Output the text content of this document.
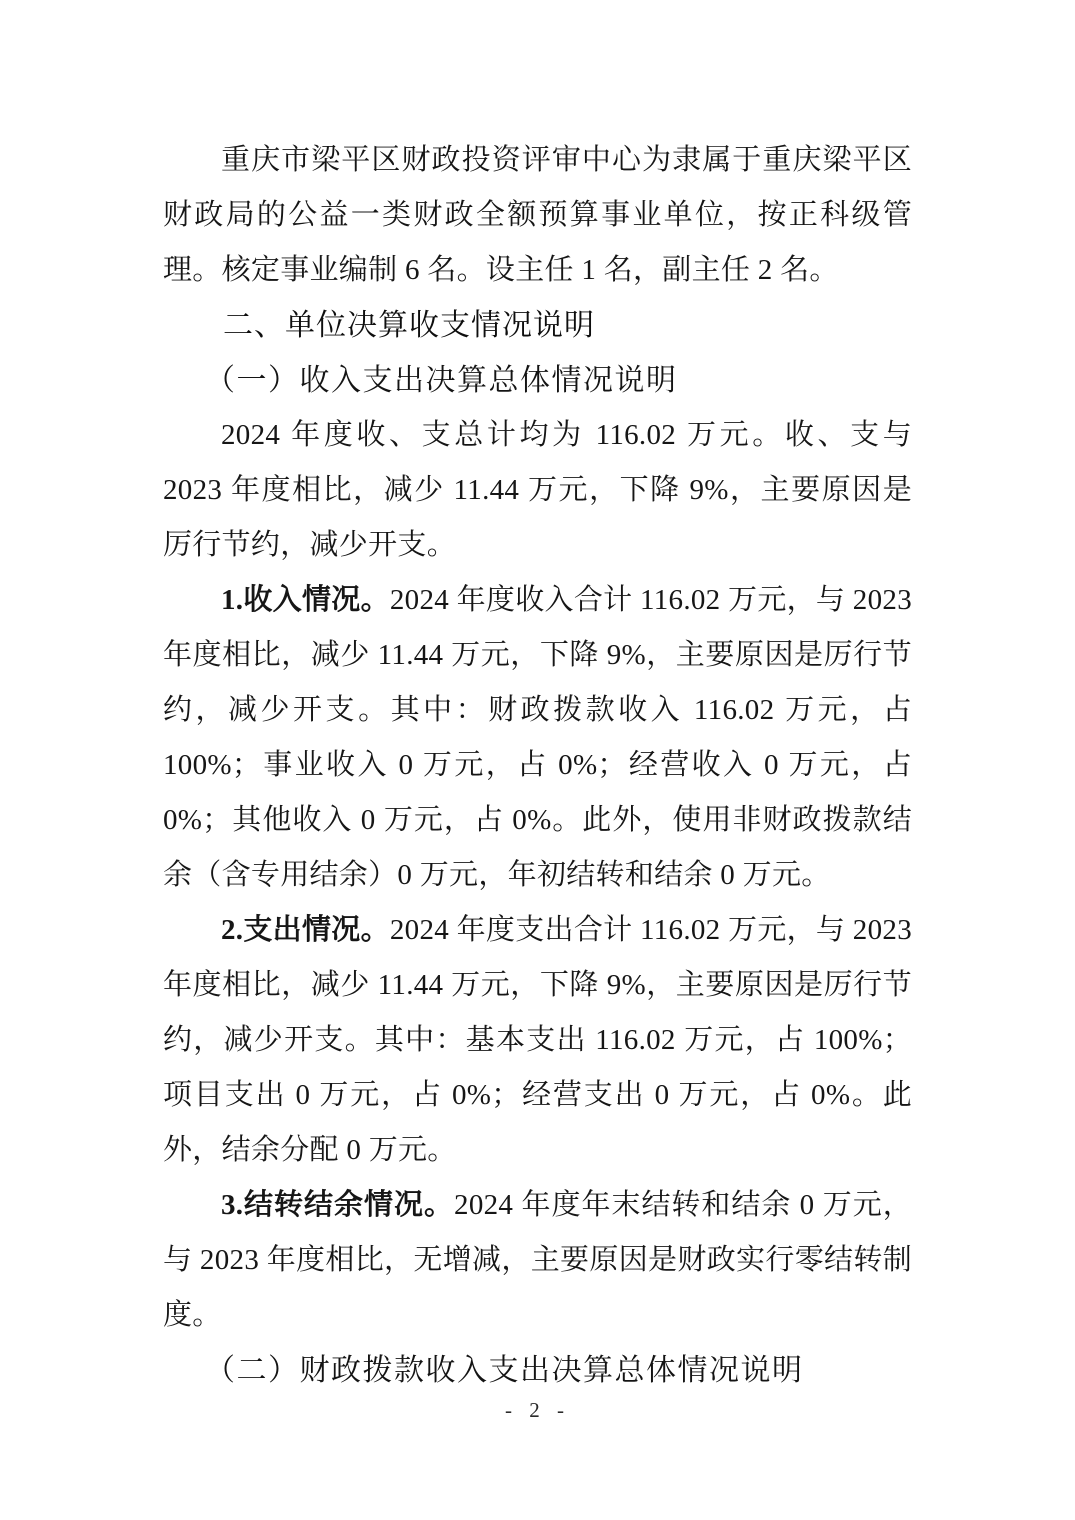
重庆市梁平区财政投资评审中心为隶属于重庆梁平区财政局的公益一类财政全额预算事业单位，按正科级管理。核定事业编制 6 名。设主任 1 名，副主任 2 名。

二、单位决算收支情况说明
（一）收入支出决算总体情况说明

2024 年度收、支总计均为 116.02 万元。收、支与 2023 年度相比，减少 11.44 万元，下降 9%，主要原因是厉行节约，减少开支。

1.收入情况。2024 年度收入合计 116.02 万元，与 2023 年度相比，减少 11.44 万元，下降 9%，主要原因是厉行节约，减少开支。其中：财政拨款收入 116.02 万元，占 100%；事业收入 0 万元，占 0%；经营收入 0 万元，占 0%；其他收入 0 万元，占 0%。此外，使用非财政拨款结余（含专用结余）0 万元，年初结转和结余 0 万元。

2.支出情况。2024 年度支出合计 116.02 万元，与 2023 年度相比，减少 11.44 万元，下降 9%，主要原因是厉行节约，减少开支。其中：基本支出 116.02 万元，占 100%；项目支出 0 万元，占 0%；经营支出 0 万元，占 0%。此外，结余分配 0 万元。

3.结转结余情况。2024 年度年末结转和结余 0 万元，与 2023 年度相比，无增减，主要原因是财政实行零结转制度。

（二）财政拨款收入支出决算总体情况说明
- 2 -
